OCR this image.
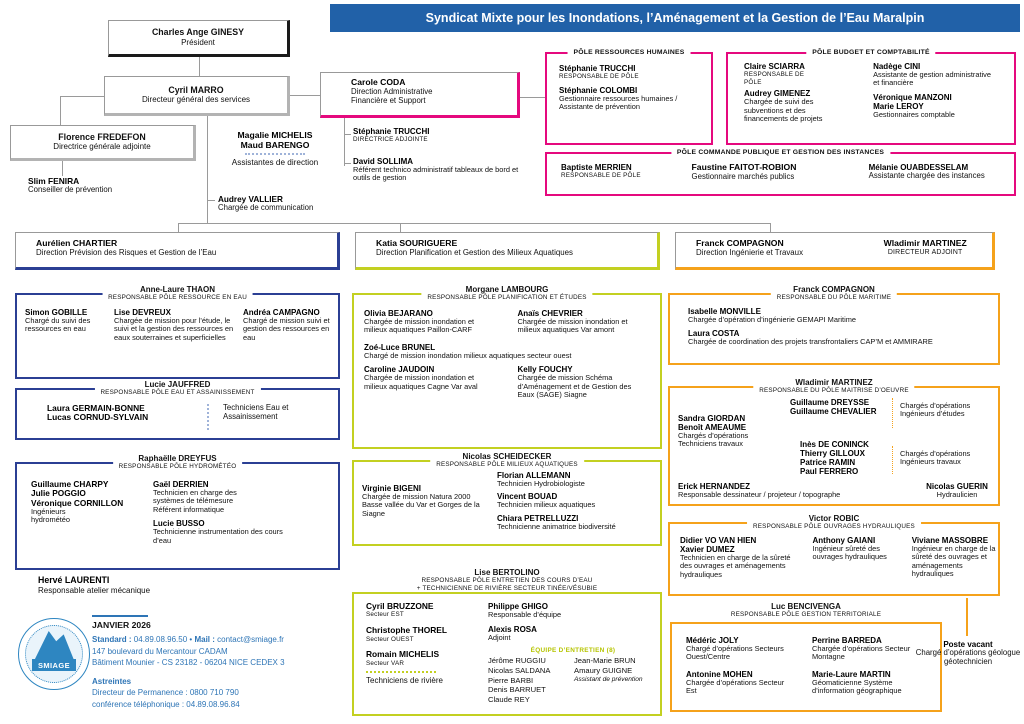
Syndicat Mixte pour les Inondations, l’Aménagement et la Gestion de l’Eau Maralpin
Charles Ange GINESY
Président
Cyril MARRO
Directeur général des services
Carole CODA
Direction Administrative
Financière et Support
Florence FREDEFON
Directrice générale adjointe
Slim FENIRA
Conseiller de prévention
Magalie MICHELIS
Maud BARENGO
Assistantes de direction
Audrey VALLIER
Chargée de communication
Stéphanie TRUCCHI
DIRECTRICE ADJOINTE
David SOLLIMA
Référent technico administratif tableaux de bord et outils de gestion
PÔLE RESSOURCES HUMAINES
Stéphanie TRUCCHI
RESPONSABLE DE PÔLE
Stéphanie COLOMBI
Gestionnaire ressources humaines / Assistante de prévention
PÔLE BUDGET ET COMPTABILITÉ
Claire SCIARRA
RESPONSABLE DE PÔLE
Audrey GIMENEZ
Chargée de suivi des subventions et des financements de projets
Nadège CINI
Assistante de gestion administrative et financière
Véronique MANZONI
Marie LEROY
Gestionnaires comptable
PÔLE COMMANDE PUBLIQUE ET GESTION DES INSTANCES
Baptiste MERRIEN
RESPONSABLE DE PÔLE
Faustine FAITOT-ROBION
Gestionnaire marchés publics
Mélanie OUABDESSELAM
Assistante chargée des instances
Aurélien CHARTIER
Direction Prévision des Risques et Gestion de l’Eau
Katia SOURIGUERE
Direction Planification et Gestion des Milieux Aquatiques
Franck COMPAGNON
Direction Ingénierie et Travaux
Wladimir MARTINEZ
DIRECTEUR ADJOINT
Anne-Laure THAON
RESPONSABLE PÔLE RESSOURCE EN EAU
Simon GOBILLE
Chargé du suivi des ressources en eau
Lise DEVREUX
Chargée de mission pour l’étude, le suivi et la gestion des ressources en eaux souterraines et superficielles
Andréa CAMPAGNO
Chargé de mission suivi et gestion des ressources en eau
Lucie JAUFFRED
RESPONSABLE PÔLE EAU ET ASSAINISSEMENT
Laura GERMAIN-BONNE
Lucas CORNUD-SYLVAIN
Techniciens Eau et Assainissement
Raphaëlle DREYFUS
RESPONSABLE PÔLE HYDROMÉTÉO
Guillaume CHARPY
Julie POGGIO
Véronique CORNILLON
Ingénieurs hydrométéo
Gaël DERRIEN
Technicien en charge des systèmes de télémesure
Référent informatique
Lucie BUSSO
Technicienne instrumentation des cours d’eau
Hervé LAURENTI
Responsable atelier mécanique
SMIAGE
JANVIER 2026
Standard : 04.89.08.96.50 • Mail : contact@smiage.fr
147 boulevard du Mercantour CADAM
Bâtiment Mounier - CS 23182 - 06204 NICE CEDEX 3
Astreintes
Directeur de Permanence : 0800 710 790
conférence téléphonique : 04.89.08.96.84
Morgane LAMBOURG
RESPONSABLE PÔLE PLANIFICATION ET ÉTUDES
Olivia BEJARANO
Chargée de mission inondation et milieux aquatiques Paillon-CARF
Anaïs CHEVRIER
Chargée de mission inondation et milieux aquatiques Var amont
Zoé-Luce BRUNEL
Chargé de mission inondation milieux aquatiques secteur ouest
Caroline JAUDOIN
Chargée de mission inondation et milieux aquatiques Cagne Var aval
Kelly FOUCHY
Chargée de mission Schéma d’Aménagement et de Gestion des Eaux (SAGE) Siagne
Nicolas SCHEIDECKER
RESPONSABLE PÔLE MILIEUX AQUATIQUES
Virginie BIGENI
Chargée de mission Natura 2000 Basse vallée du Var et Gorges de la Siagne
Florian ALLEMANN
Technicien Hydrobiologiste
Vincent BOUAD
Technicien milieux aquatiques
Chiara PETRELLUZZI
Technicienne animatrice biodiversité
Lise BERTOLINO
RESPONSABLE PÔLE ENTRETIEN DES COURS D’EAU
+ TECHNICIENNE DE RIVIÈRE SECTEUR TINÉE/VÉSUBIE
Cyril BRUZZONE
Secteur EST
Christophe THOREL
Secteur OUEST
Romain MICHELIS
Secteur VAR
Techniciens de rivière
Philippe GHIGO
Responsable d’équipe
Alexis ROSA
Adjoint
ÉQUIPE D’ENTRETIEN (8)
Jérôme RUGGIU
Nicolas SALDANA
Pierre BARBI
Denis BARRUET
Claude REY
Jean-Marie BRUN
Amaury GUIGNE
Assistant de prévention
Franck COMPAGNON
RESPONSABLE DU PÔLE MARITIME
Isabelle MONVILLE
Chargée d’opération d’ingénierie GEMAPI Maritime
Laura COSTA
Chargée de coordination des projets transfrontaliers CAP’M et AMMIRARE
Wladimir MARTINEZ
RESPONSABLE DU PÔLE MAITRISE D’OEUVRE
Sandra GIORDAN
Benoît AMEAUME
Chargés d’opérations Techniciens travaux
Guillaume DREYSSE
Guillaume CHEVALIER
Chargés d’opérations Ingénieurs d’études
Inès DE CONINCK
Thierry GILLOUX
Patrice RAMIN
Paul FERRERO
Chargés d’opérations Ingénieurs travaux
Erick HERNANDEZ
Responsable dessinateur / projeteur / topographe
Nicolas GUERIN
Hydraulicien
Victor ROBIC
RESPONSABLE PÔLE OUVRAGES HYDRAULIQUES
Didier VO VAN HIEN
Xavier DUMEZ
Technicien en charge de la sûreté des ouvrages et aménagements hydrauliques
Anthony GAIANI
Ingénieur sûreté des ouvrages hydrauliques
Viviane MASSOBRE
Ingénieur en charge de la sûreté des ouvrages et aménagements hydrauliques
Luc BENCIVENGA
RESPONSABLE PÔLE GESTION TERRITORIALE
Médéric JOLY
Chargé d’opérations Secteurs Ouest/Centre
Antonine MOHEN
Chargée d’opérations Secteur Est
Perrine BARREDA
Chargée d’opérations Secteur Montagne
Marie-Laure MARTIN
Géomaticienne Système d’information géographique
Poste vacant
Chargé d’opérations géologue géotechnicien
